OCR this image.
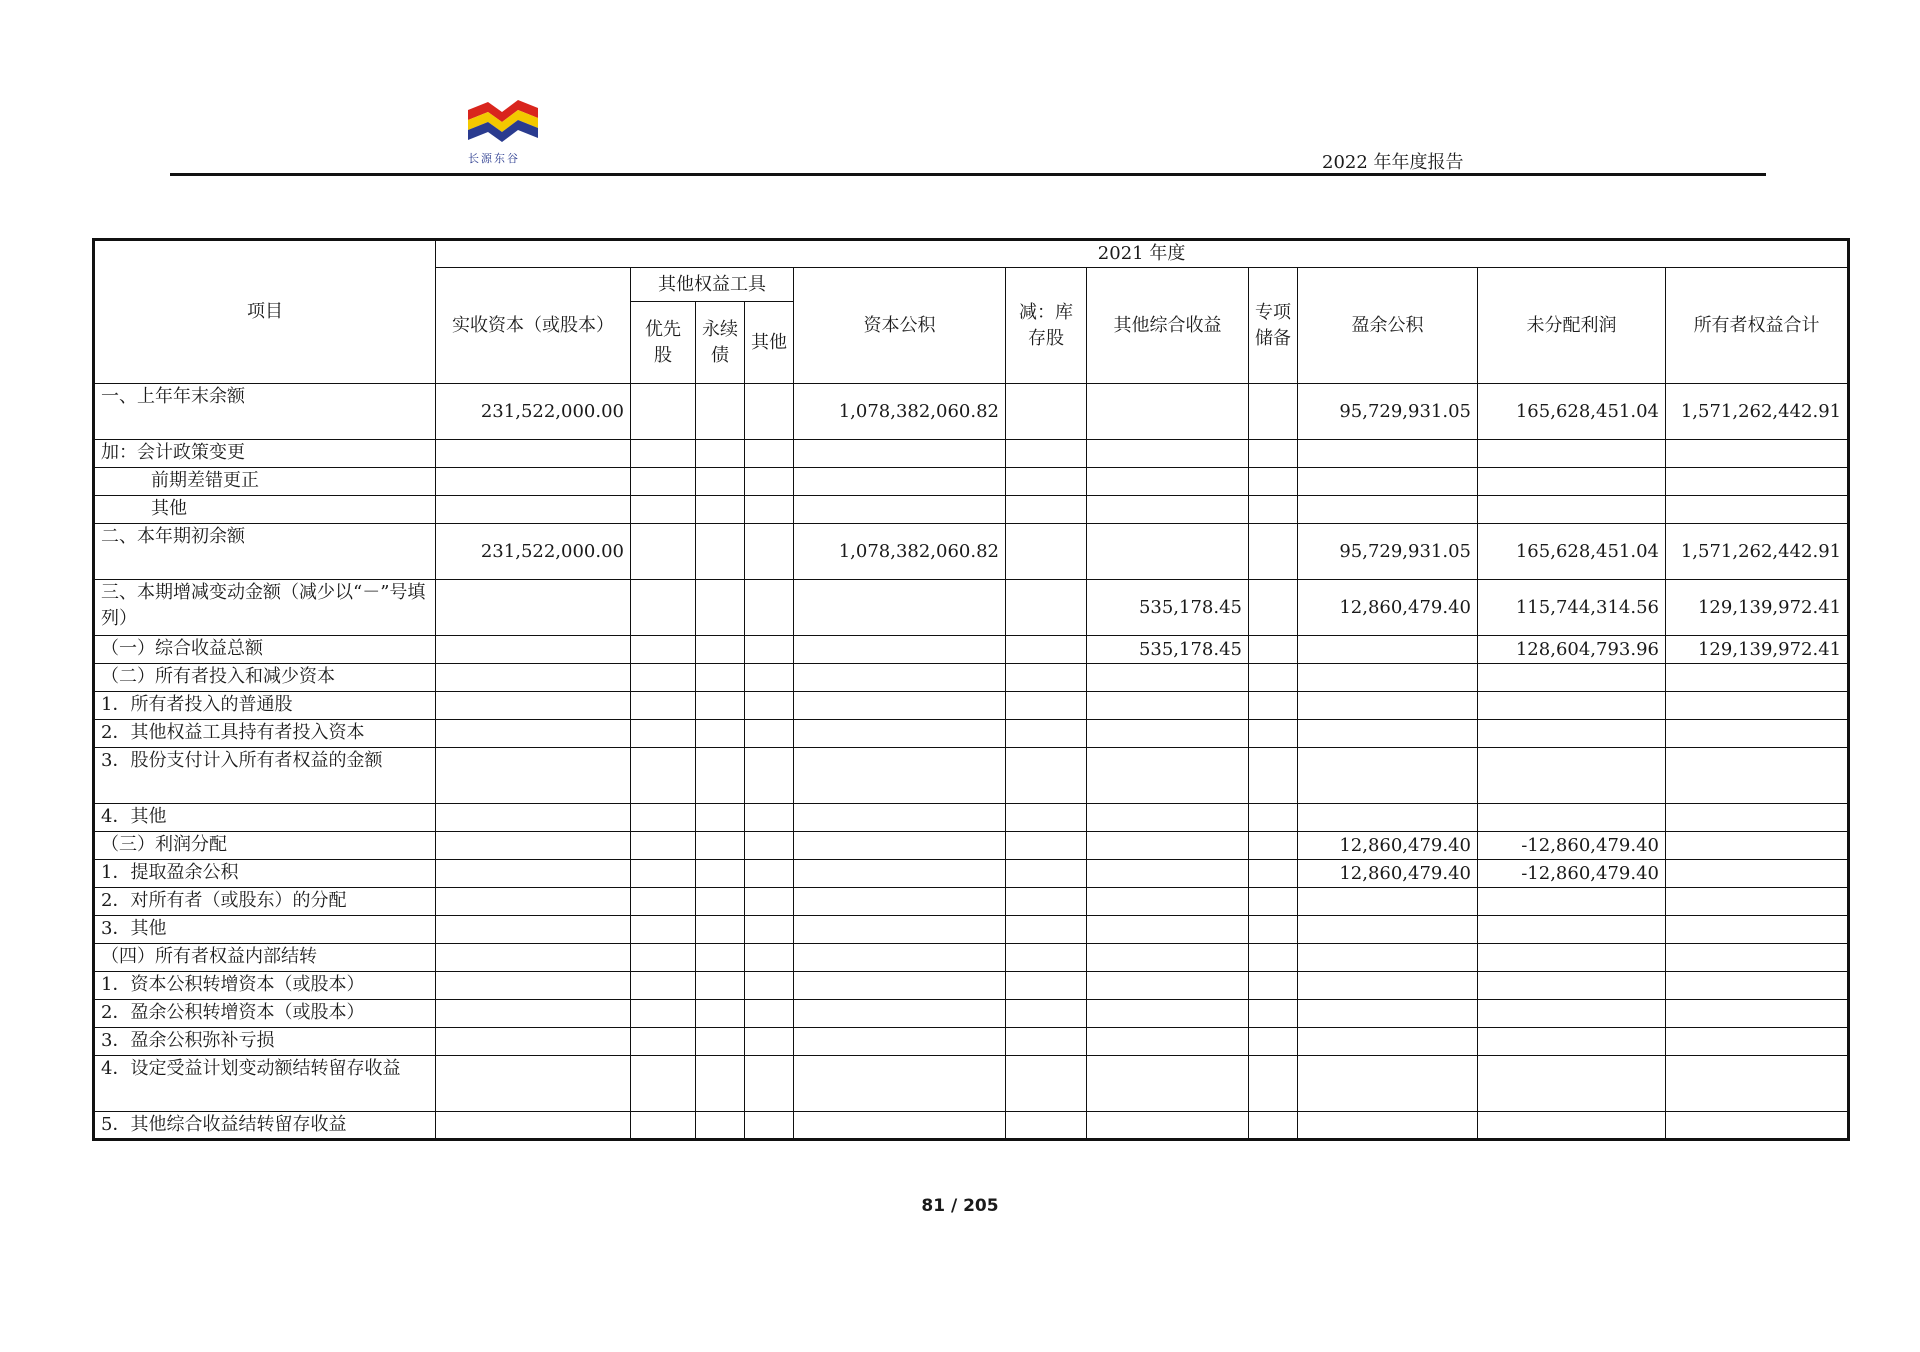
长源东谷	2022 年年度报告
项目	2021 年度										
	实收资本（或股本）	其他权益工具			资本公积	减：库存股	其他综合收益	专项储备	盈余公积	未分配利润	所有者权益合计
		优先股	永续债	其他							
一、上年年末余额	231,522,000.00				1,078,382,060.82				95,729,931.05	165,628,451.04	1,571,262,442.91
加：会计政策变更											
前期差错更正											
其他											
二、本年期初余额	231,522,000.00				1,078,382,060.82				95,729,931.05	165,628,451.04	1,571,262,442.91
三、本期增减变动金额（减少以“－”号填列）							535,178.45		12,860,479.40	115,744,314.56	129,139,972.41
（一）综合收益总额							535,178.45			128,604,793.96	129,139,972.41
（二）所有者投入和减少资本											
1．所有者投入的普通股											
2．其他权益工具持有者投入资本											
3．股份支付计入所有者权益的金额											
4．其他											
（三）利润分配									12,860,479.40	-12,860,479.40	
1．提取盈余公积									12,860,479.40	-12,860,479.40	
2．对所有者（或股东）的分配											
3．其他											
（四）所有者权益内部结转											
1．资本公积转增资本（或股本）											
2．盈余公积转增资本（或股本）											
3．盈余公积弥补亏损											
4．设定受益计划变动额结转留存收益											
5．其他综合收益结转留存收益											
81 / 205
